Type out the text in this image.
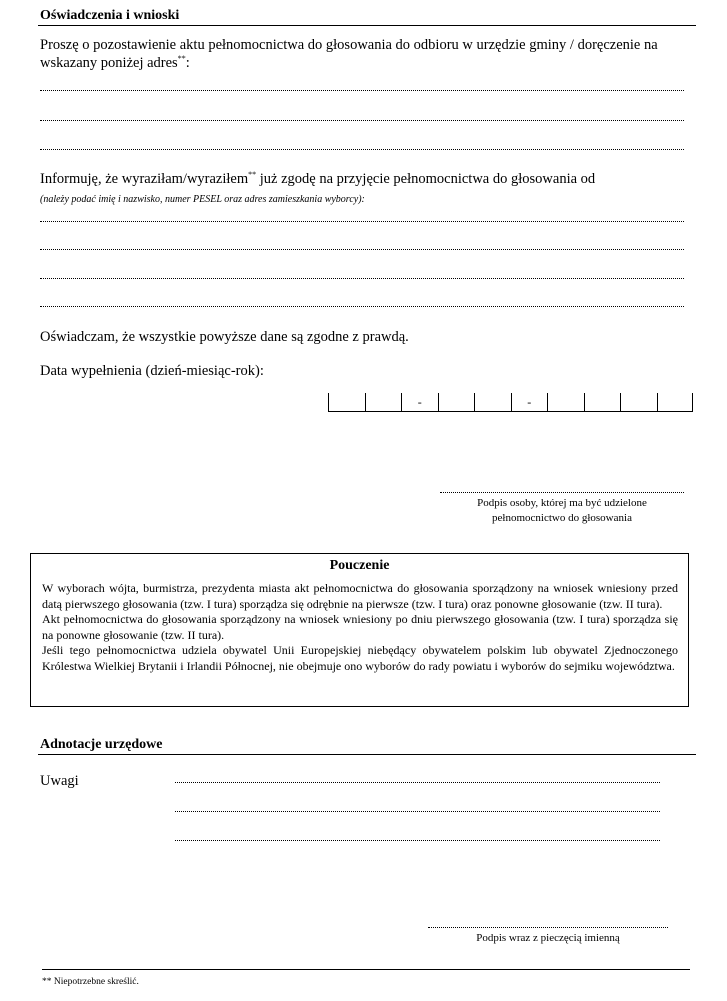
Oświadczenia i wnioski
Proszę o pozostawienie aktu pełnomocnictwa do głosowania do odbioru w urzędzie gminy / doręczenie na wskazany poniżej adres**:
Informuję, że wyraziłam/wyraziłem** już zgodę na przyjęcie pełnomocnictwa do głosowania od
(należy podać imię i nazwisko, numer PESEL oraz adres zamieszkania wyborcy):
Oświadczam, że wszystkie powyższe dane są zgodne z prawdą.
Data wypełnienia (dzień-miesiąc-rok):
-	-
Podpis osoby, której ma być udzielone
pełnomocnictwo do głosowania
Pouczenie

W wyborach wójta, burmistrza, prezydenta miasta akt pełnomocnictwa do głosowania sporządzony na wniosek wniesiony przed datą pierwszego głosowania (tzw. I tura) sporządza się odrębnie na pierwsze (tzw. I tura) oraz ponowne głosowanie (tzw. II tura).

Akt pełnomocnictwa do głosowania sporządzony na wniosek wniesiony po dniu pierwszego głosowania (tzw. I tura) sporządza się na ponowne głosowanie (tzw. II tura).

Jeśli tego pełnomocnictwa udziela obywatel Unii Europejskiej niebędący obywatelem polskim lub obywatel Zjednoczonego Królestwa Wielkiej Brytanii i Irlandii Północnej, nie obejmuje ono wyborów do rady powiatu i wyborów do sejmiku województwa.

Adnotacje urzędowe
Uwagi
Podpis wraz z pieczęcią imienną
** Niepotrzebne skreślić.
